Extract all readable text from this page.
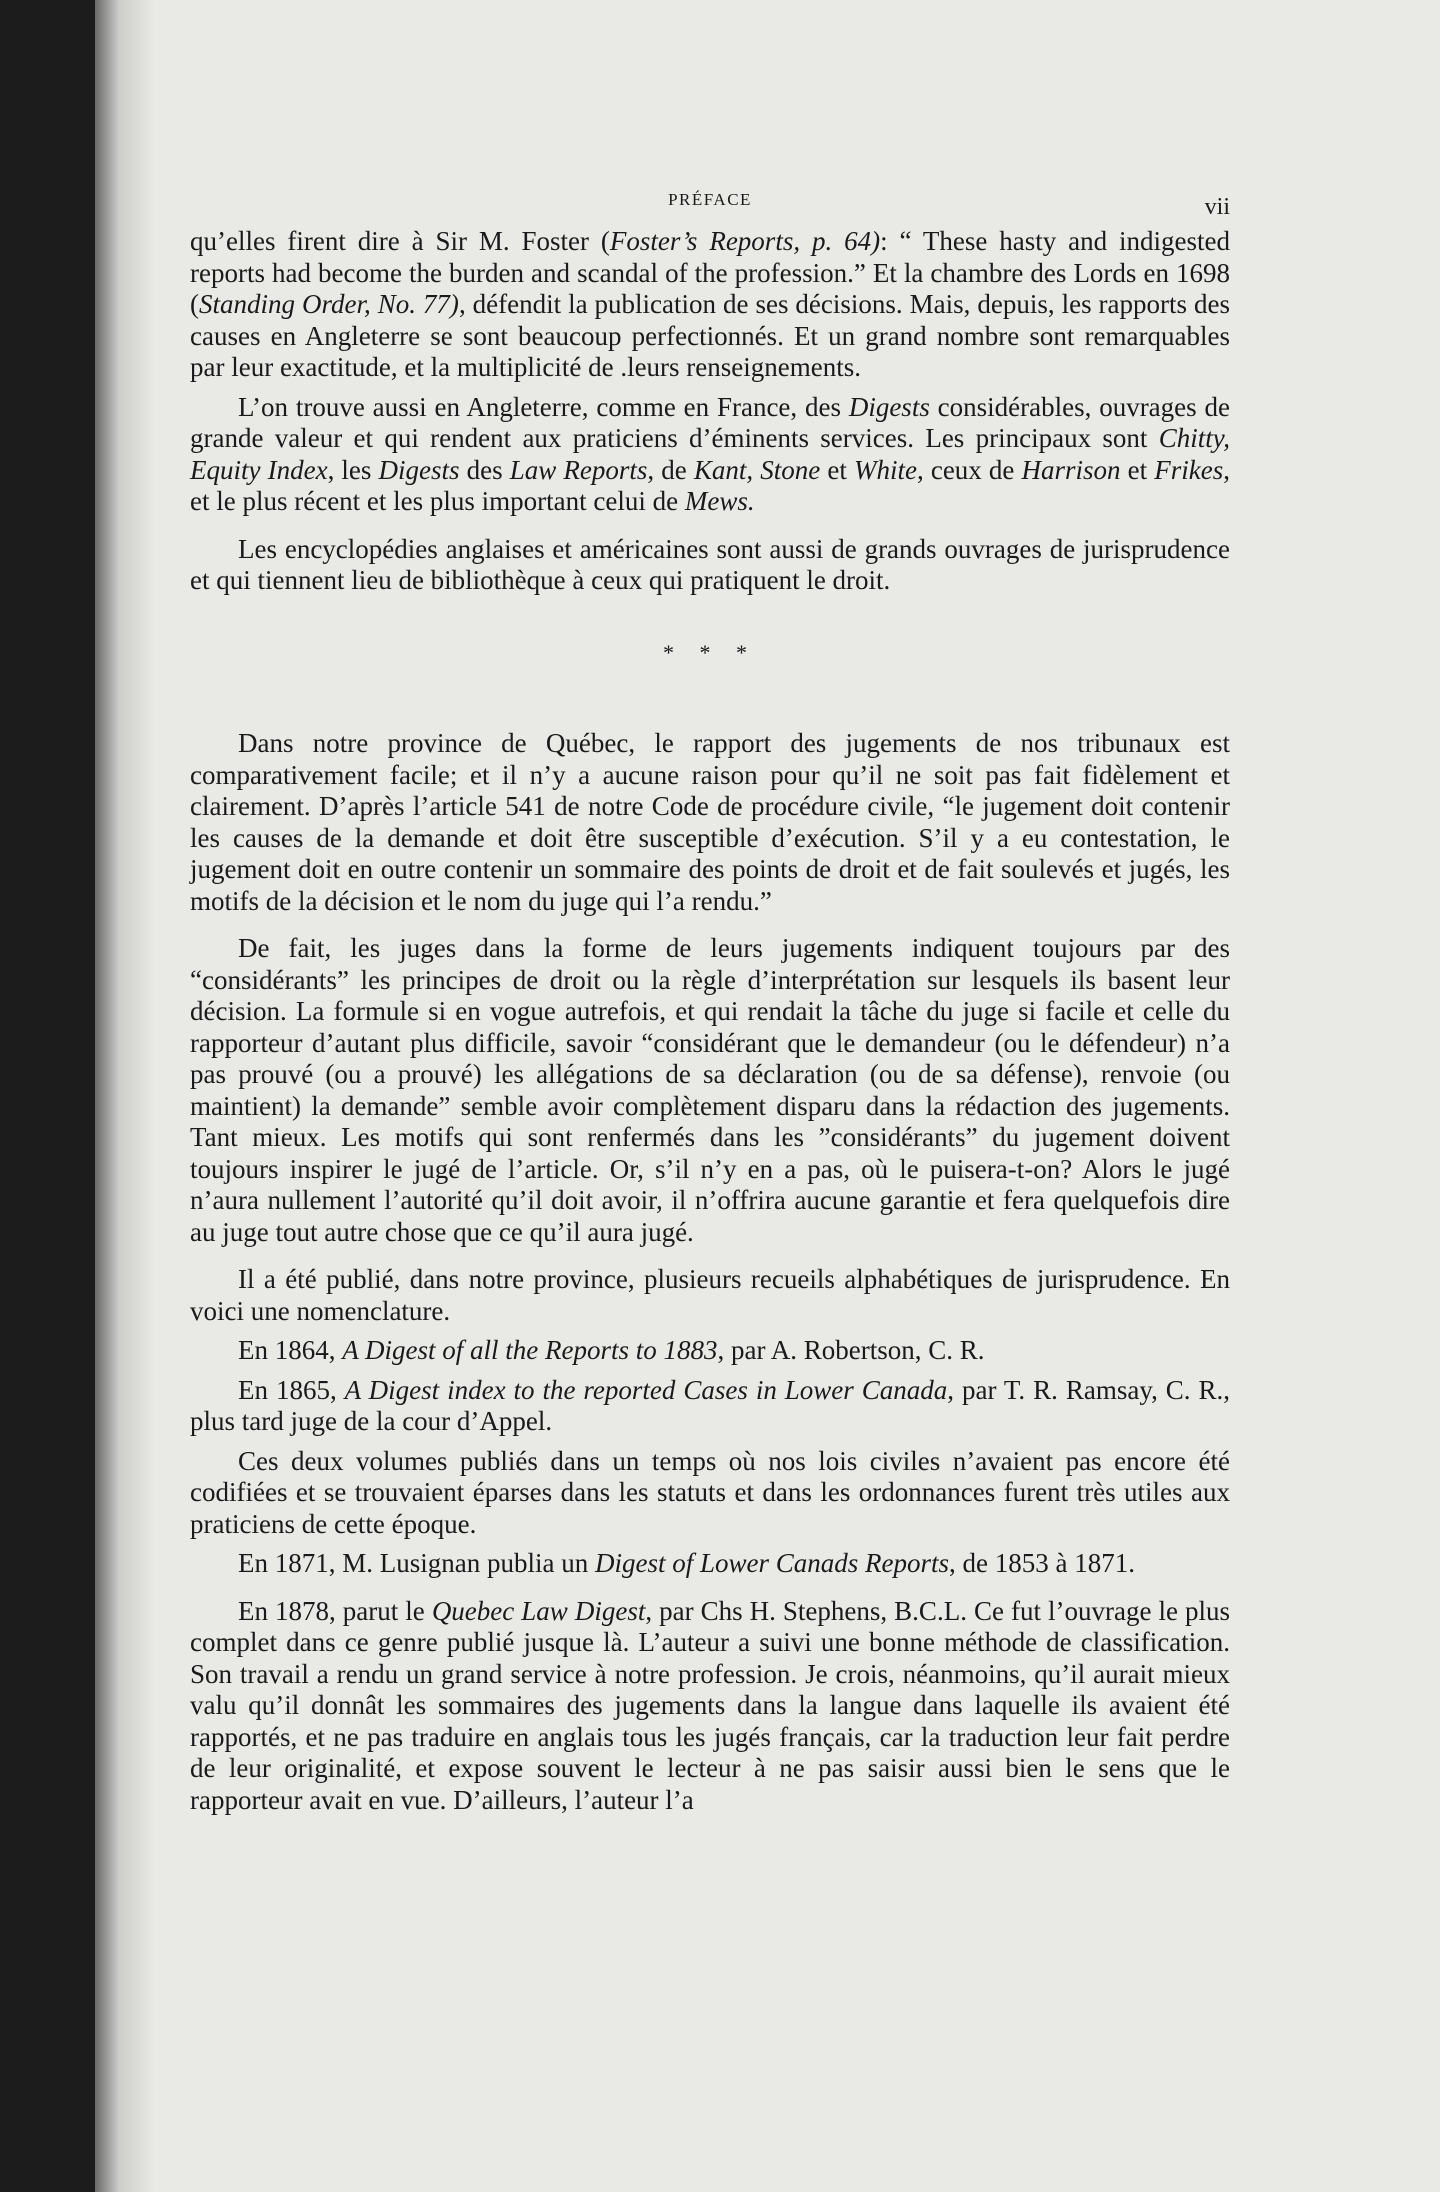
PRÉFACE	vii

qu’elles firent dire à Sir M. Foster (Foster’s Reports, p. 64): “ These hasty and indigested reports had become the burden and scandal of the profession.” Et la chambre des Lords en 1698 (Standing Order, No. 77), défendit la publication de ses décisions. Mais, depuis, les rapports des causes en Angleterre se sont beaucoup perfectionnés. Et un grand nombre sont remarquables par leur exactitude, et la multiplicité de .leurs renseignements.

L’on trouve aussi en Angleterre, comme en France, des Digests considérables, ouvrages de grande valeur et qui rendent aux praticiens d’éminents services. Les principaux sont Chitty, Equity Index, les Digests des Law Reports, de Kant, Stone et White, ceux de Harrison et Frikes, et le plus récent et les plus important celui de Mews.

Les encyclopédies anglaises et américaines sont aussi de grands ouvrages de jurisprudence et qui tiennent lieu de bibliothèque à ceux qui pratiquent le droit.

* * *

Dans notre province de Québec, le rapport des jugements de nos tribunaux est comparativement facile; et il n’y a aucune raison pour qu’il ne soit pas fait fidèlement et clairement. D’après l’article 541 de notre Code de procédure civile, “le jugement doit contenir les causes de la demande et doit être susceptible d’exécution. S’il y a eu contestation, le jugement doit en outre contenir un sommaire des points de droit et de fait soulevés et jugés, les motifs de la décision et le nom du juge qui l’a rendu.”

De fait, les juges dans la forme de leurs jugements indiquent toujours par des “considérants” les principes de droit ou la règle d’interprétation sur lesquels ils basent leur décision. La formule si en vogue autrefois, et qui rendait la tâche du juge si facile et celle du rapporteur d’autant plus difficile, savoir “considérant que le demandeur (ou le défendeur) n’a pas prouvé (ou a prouvé) les allégations de sa déclaration (ou de sa défense), renvoie (ou maintient) la demande” semble avoir complètement disparu dans la rédaction des jugements. Tant mieux. Les motifs qui sont renfermés dans les ”considérants” du jugement doivent toujours inspirer le jugé de l’article. Or, s’il n’y en a pas, où le puisera-t-on? Alors le jugé n’aura nullement l’autorité qu’il doit avoir, il n’offrira aucune garantie et fera quelquefois dire au juge tout autre chose que ce qu’il aura jugé.

Il a été publié, dans notre province, plusieurs recueils alphabétiques de jurisprudence. En voici une nomenclature.

En 1864, A Digest of all the Reports to 1883, par A. Robertson, C. R.

En 1865, A Digest index to the reported Cases in Lower Canada, par T. R. Ramsay, C. R., plus tard juge de la cour d’Appel.

Ces deux volumes publiés dans un temps où nos lois civiles n’avaient pas encore été codifiées et se trouvaient éparses dans les statuts et dans les ordonnances furent très utiles aux praticiens de cette époque.

En 1871, M. Lusignan publia un Digest of Lower Canads Reports, de 1853 à 1871.

En 1878, parut le Quebec Law Digest, par Chs H. Stephens, B.C.L. Ce fut l’ouvrage le plus complet dans ce genre publié jusque là. L’auteur a suivi une bonne méthode de classification. Son travail a rendu un grand service à notre profession. Je crois, néanmoins, qu’il aurait mieux valu qu’il donnât les sommaires des jugements dans la langue dans laquelle ils avaient été rapportés, et ne pas traduire en anglais tous les jugés français, car la traduction leur fait perdre de leur originalité, et expose souvent le lecteur à ne pas saisir aussi bien le sens que le rapporteur avait en vue. D’ailleurs, l’auteur l’a
